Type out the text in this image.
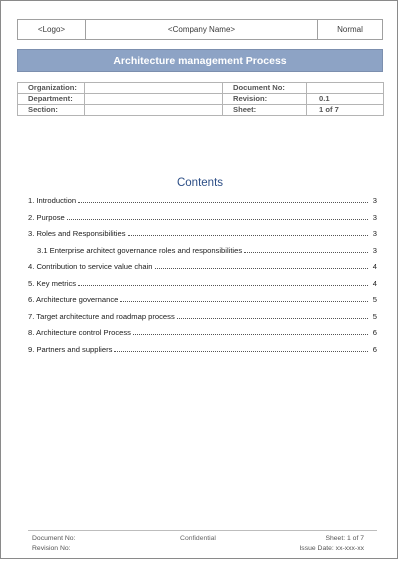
<Logo>	<Company Name>	Normal
Architecture management Process
Organization:		Document No:	
Department:		Revision:	0.1
Section:		Sheet:	1 of 7
Contents
1. Introduction	3
2. Purpose	3
3. Roles and Responsibilities	3
3.1 Enterprise architect governance roles and responsibilities	3
4. Contribution to service value chain	4
5. Key metrics	4
6. Architecture governance	5
7. Target architecture and roadmap process	5
8. Architecture control Process	6
9. Partners and suppliers	6
Document No:	Confidential	Sheet: 1 of 7
Revision No:	Issue Date: xx-xxx-xx
